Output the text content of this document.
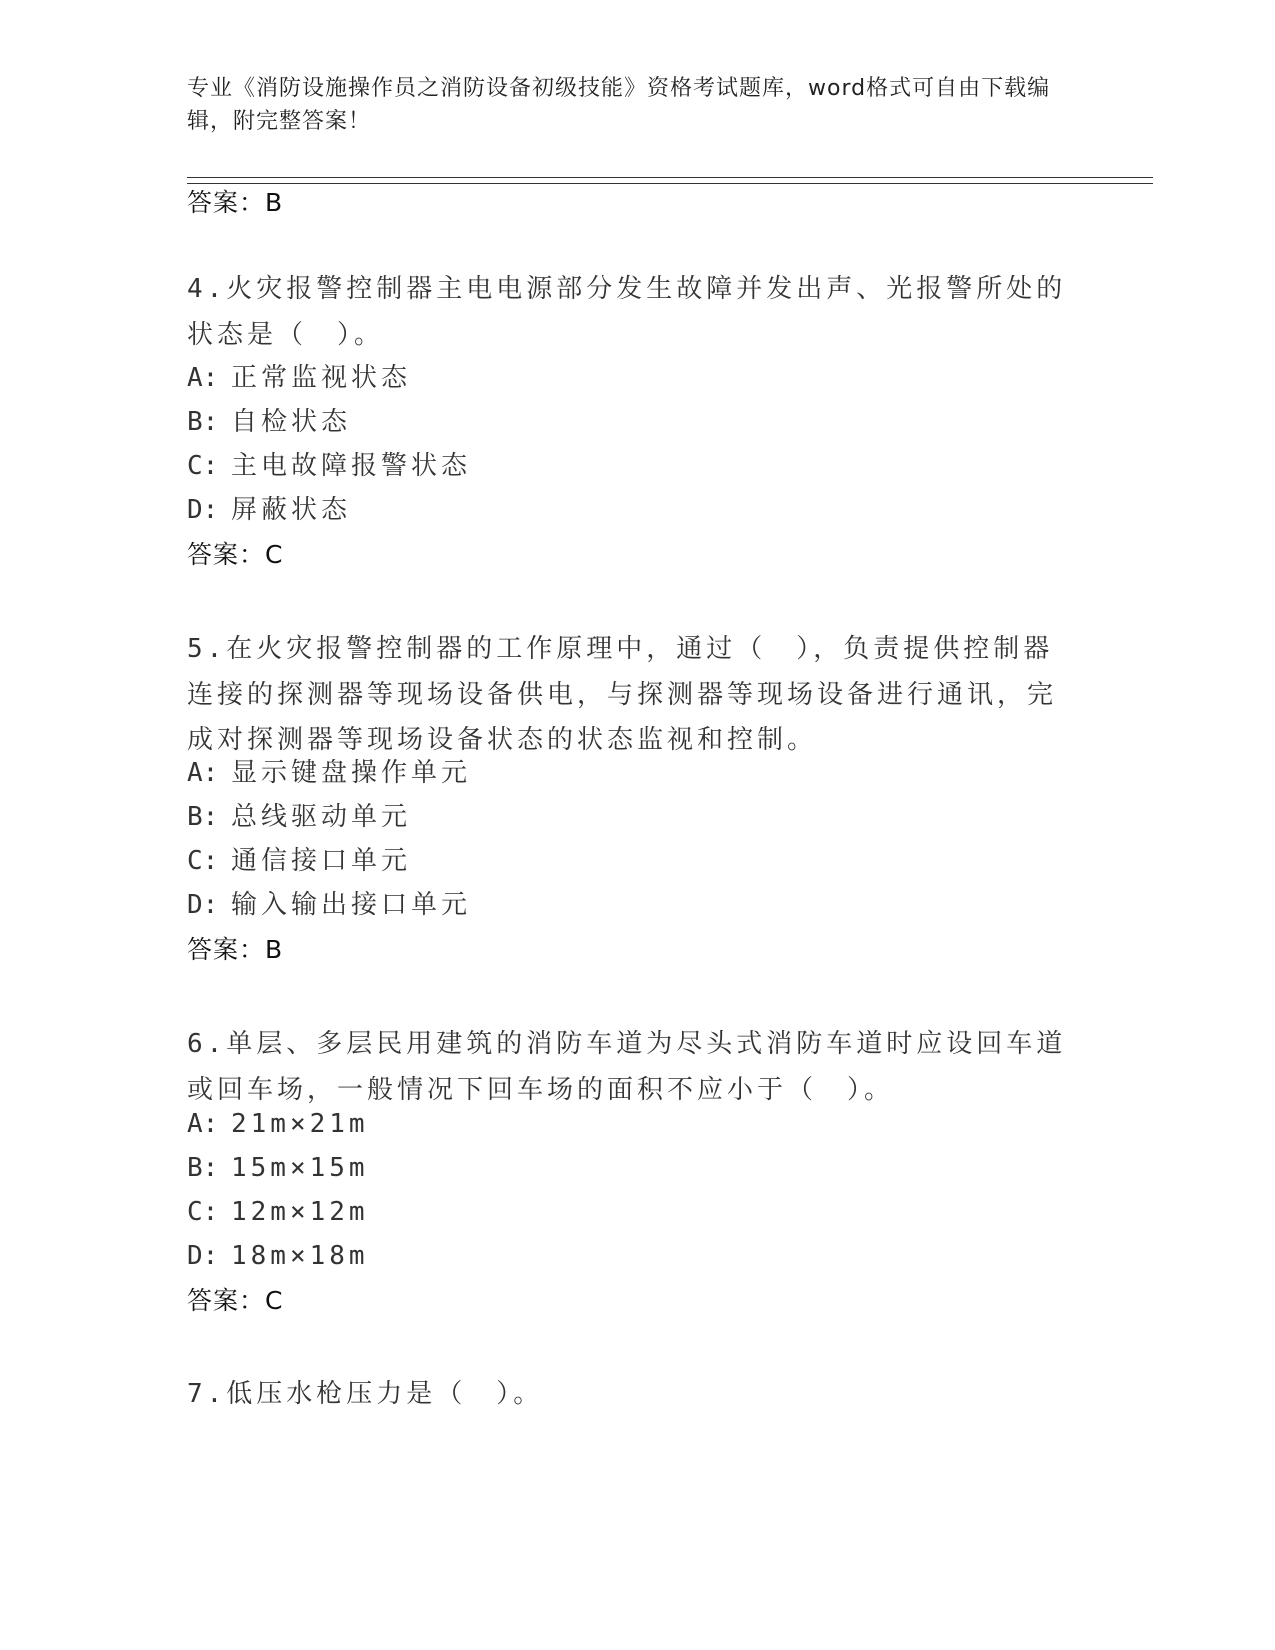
专业《消防设施操作员之消防设备初级技能》资格考试题库，word格式可自由下载编辑，附完整答案！
答案：B
4.火灾报警控制器主电电源部分发生故障并发出声、光报警所处的状态是（　）。
A: 正常监视状态
B: 自检状态
C: 主电故障报警状态
D: 屏蔽状态
答案：C
5.在火灾报警控制器的工作原理中，通过（　），负责提供控制器连接的探测器等现场设备供电，与探测器等现场设备进行通讯，完成对探测器等现场设备状态的状态监视和控制。
A: 显示键盘操作单元
B: 总线驱动单元
C: 通信接口单元
D: 输入输出接口单元
答案：B
6.单层、多层民用建筑的消防车道为尽头式消防车道时应设回车道或回车场，一般情况下回车场的面积不应小于（　）。
A: 21m×21m
B: 15m×15m
C: 12m×12m
D: 18m×18m
答案：C
7.低压水枪压力是（　）。
